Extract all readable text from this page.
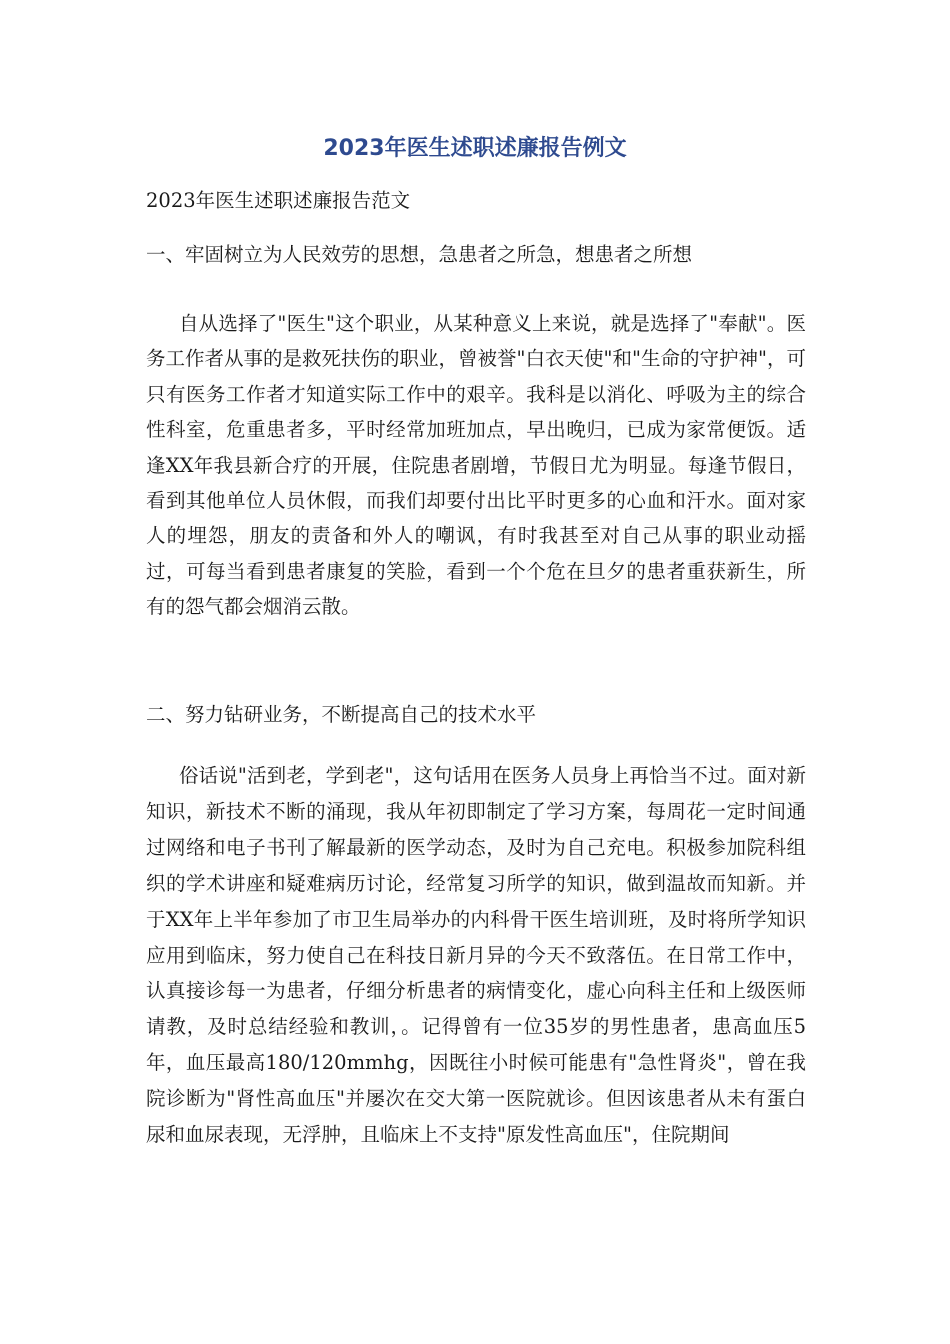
2023年医生述职述廉报告例文
2023年医生述职述廉报告范文
一、牢固树立为人民效劳的思想，急患者之所急，想患者之所想

自从选择了"医生"这个职业，从某种意义上来说，就是选择了"奉献"。医务工作者从事的是救死扶伤的职业，曾被誉"白衣天使"和"生命的守护神"，可只有医务工作者才知道实际工作中的艰辛。我科是以消化、呼吸为主的综合性科室，危重患者多，平时经常加班加点，早出晚归，已成为家常便饭。适逢XX年我县新合疗的开展，住院患者剧增，节假日尤为明显。每逢节假日，看到其他单位人员休假，而我们却要付出比平时更多的心血和汗水。面对家人的埋怨，朋友的责备和外人的嘲讽，有时我甚至对自己从事的职业动摇过，可每当看到患者康复的笑脸，看到一个个危在旦夕的患者重获新生，所有的怨气都会烟消云散。

二、努力钻研业务，不断提高自己的技术水平

俗话说"活到老，学到老"，这句话用在医务人员身上再恰当不过。面对新知识，新技术不断的涌现，我从年初即制定了学习方案，每周花一定时间通过网络和电子书刊了解最新的医学动态，及时为自己充电。积极参加院科组织的学术讲座和疑难病历讨论，经常复习所学的知识，做到温故而知新。并于XX年上半年参加了市卫生局举办的内科骨干医生培训班，及时将所学知识应用到临床，努力使自己在科技日新月异的今天不致落伍。在日常工作中，认真接诊每一为患者，仔细分析患者的病情变化，虚心向科主任和上级医师请教，及时总结经验和教训，。记得曾有一位35岁的男性患者，患高血压5年，血压最高180/120mmhg，因既往小时候可能患有"急性肾炎"，曾在我院诊断为"肾性高血压"并屡次在交大第一医院就诊。但因该患者从未有蛋白尿和血尿表现，无浮肿，且临床上不支持"原发性高血压"，住院期间
